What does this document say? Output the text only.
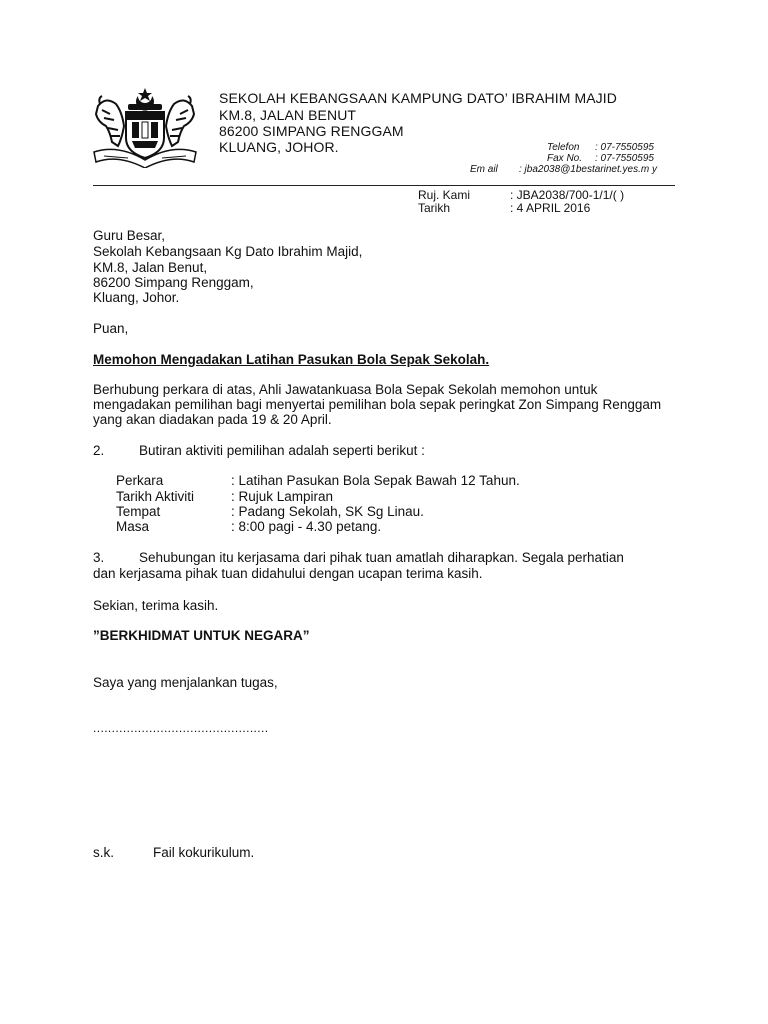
SEKOLAH KEBANGSAAN KAMPUNG DATO’ IBRAHIM MAJID
KM.8, JALAN BENUT
86200 SIMPANG RENGGAM
KLUANG, JOHOR.	Telefon : 07-7550595
Fax No. : 07-7550595
Em ail : jba2038@1bestarinet.yes.m y
Ruj. Kami	: JBA2038/700-1/1/( )
Tarikh	: 4 APRIL 2016
Guru Besar,
Sekolah Kebangsaan Kg Dato Ibrahim Majid,
KM.8, Jalan Benut,
86200 Simpang Renggam,
Kluang, Johor.
Puan,
Memohon Mengadakan Latihan Pasukan Bola Sepak Sekolah.
Berhubung perkara di atas, Ahli Jawatankuasa Bola Sepak Sekolah memohon untuk
mengadakan pemilihan bagi menyertai pemilihan bola sepak peringkat Zon Simpang Renggam
yang akan diadakan pada 19 & 20 April.
2.	Butiran aktiviti pemilihan adalah seperti berikut :
Perkara	: Latihan Pasukan Bola Sepak Bawah 12 Tahun.
Tarikh Aktiviti	: Rujuk Lampiran
Tempat	: Padang Sekolah, SK Sg Linau.
Masa	: 8:00 pagi - 4.30 petang.
3.	Sehubungan itu kerjasama dari pihak tuan amatlah diharapkan. Segala perhatian
dan kerjasama pihak tuan didahului dengan ucapan terima kasih.
Sekian, terima kasih.
”BERKHIDMAT UNTUK NEGARA”
Saya yang menjalankan tugas,
...............................................
s.k.	Fail kokurikulum.
